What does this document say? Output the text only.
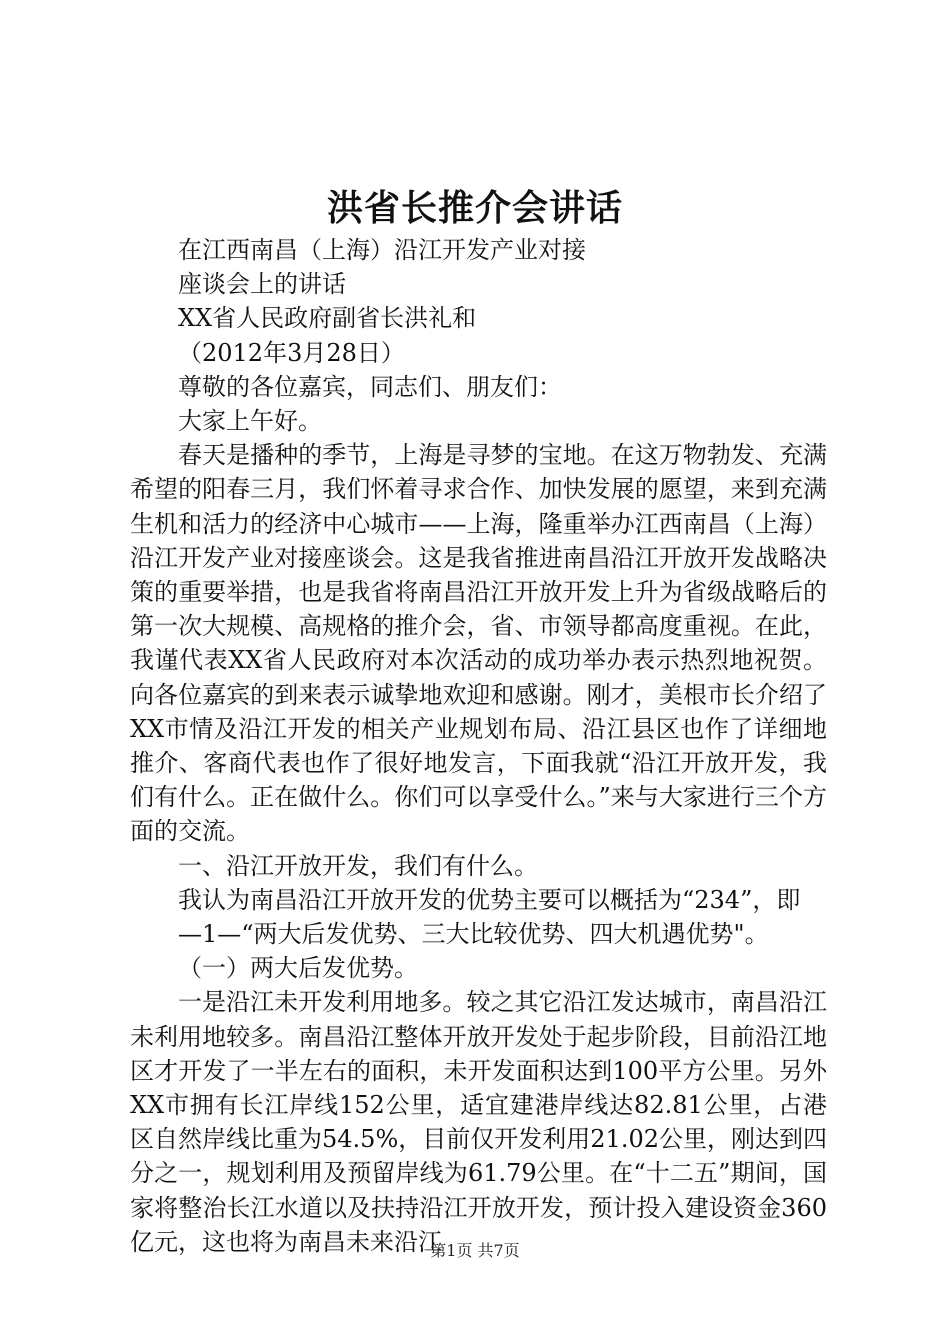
洪省长推介会讲话

在江西南昌（上海）沿江开发产业对接

座谈会上的讲话

XX省人民政府副省长洪礼和

（2012年3月28日）

尊敬的各位嘉宾，同志们、朋友们：

大家上午好。

春天是播种的季节，上海是寻梦的宝地。在这万物勃发、充满希望的阳春三月，我们怀着寻求合作、加快发展的愿望，来到充满生机和活力的经济中心城市——上海，隆重举办江西南昌（上海）沿江开发产业对接座谈会。这是我省推进南昌沿江开放开发战略决策的重要举措，也是我省将南昌沿江开放开发上升为省级战略后的第一次大规模、高规格的推介会，省、市领导都高度重视。在此，我谨代表XX省人民政府对本次活动的成功举办表示热烈地祝贺。向各位嘉宾的到来表示诚挚地欢迎和感谢。刚才，美根市长介绍了XX市情及沿江开发的相关产业规划布局、沿江县区也作了详细地推介、客商代表也作了很好地发言，下面我就“沿江开放开发，我们有什么。正在做什么。你们可以享受什么。”来与大家进行三个方面的交流。

一、沿江开放开发，我们有什么。

我认为南昌沿江开放开发的优势主要可以概括为“234”，即

—1—“两大后发优势、三大比较优势、四大机遇优势"。

（一）两大后发优势。

一是沿江未开发利用地多。较之其它沿江发达城市，南昌沿江未利用地较多。南昌沿江整体开放开发处于起步阶段，目前沿江地区才开发了一半左右的面积，未开发面积达到100平方公里。另外XX市拥有长江岸线152公里，适宜建港岸线达82.81公里，占港区自然岸线比重为54.5%，目前仅开发利用21.02公里，刚达到四分之一，规划利用及预留岸线为61.79公里。在“十二五”期间，国家将整治长江水道以及扶持沿江开放开发，预计投入建设资金360亿元，这也将为南昌未来沿江

第1页 共7页
